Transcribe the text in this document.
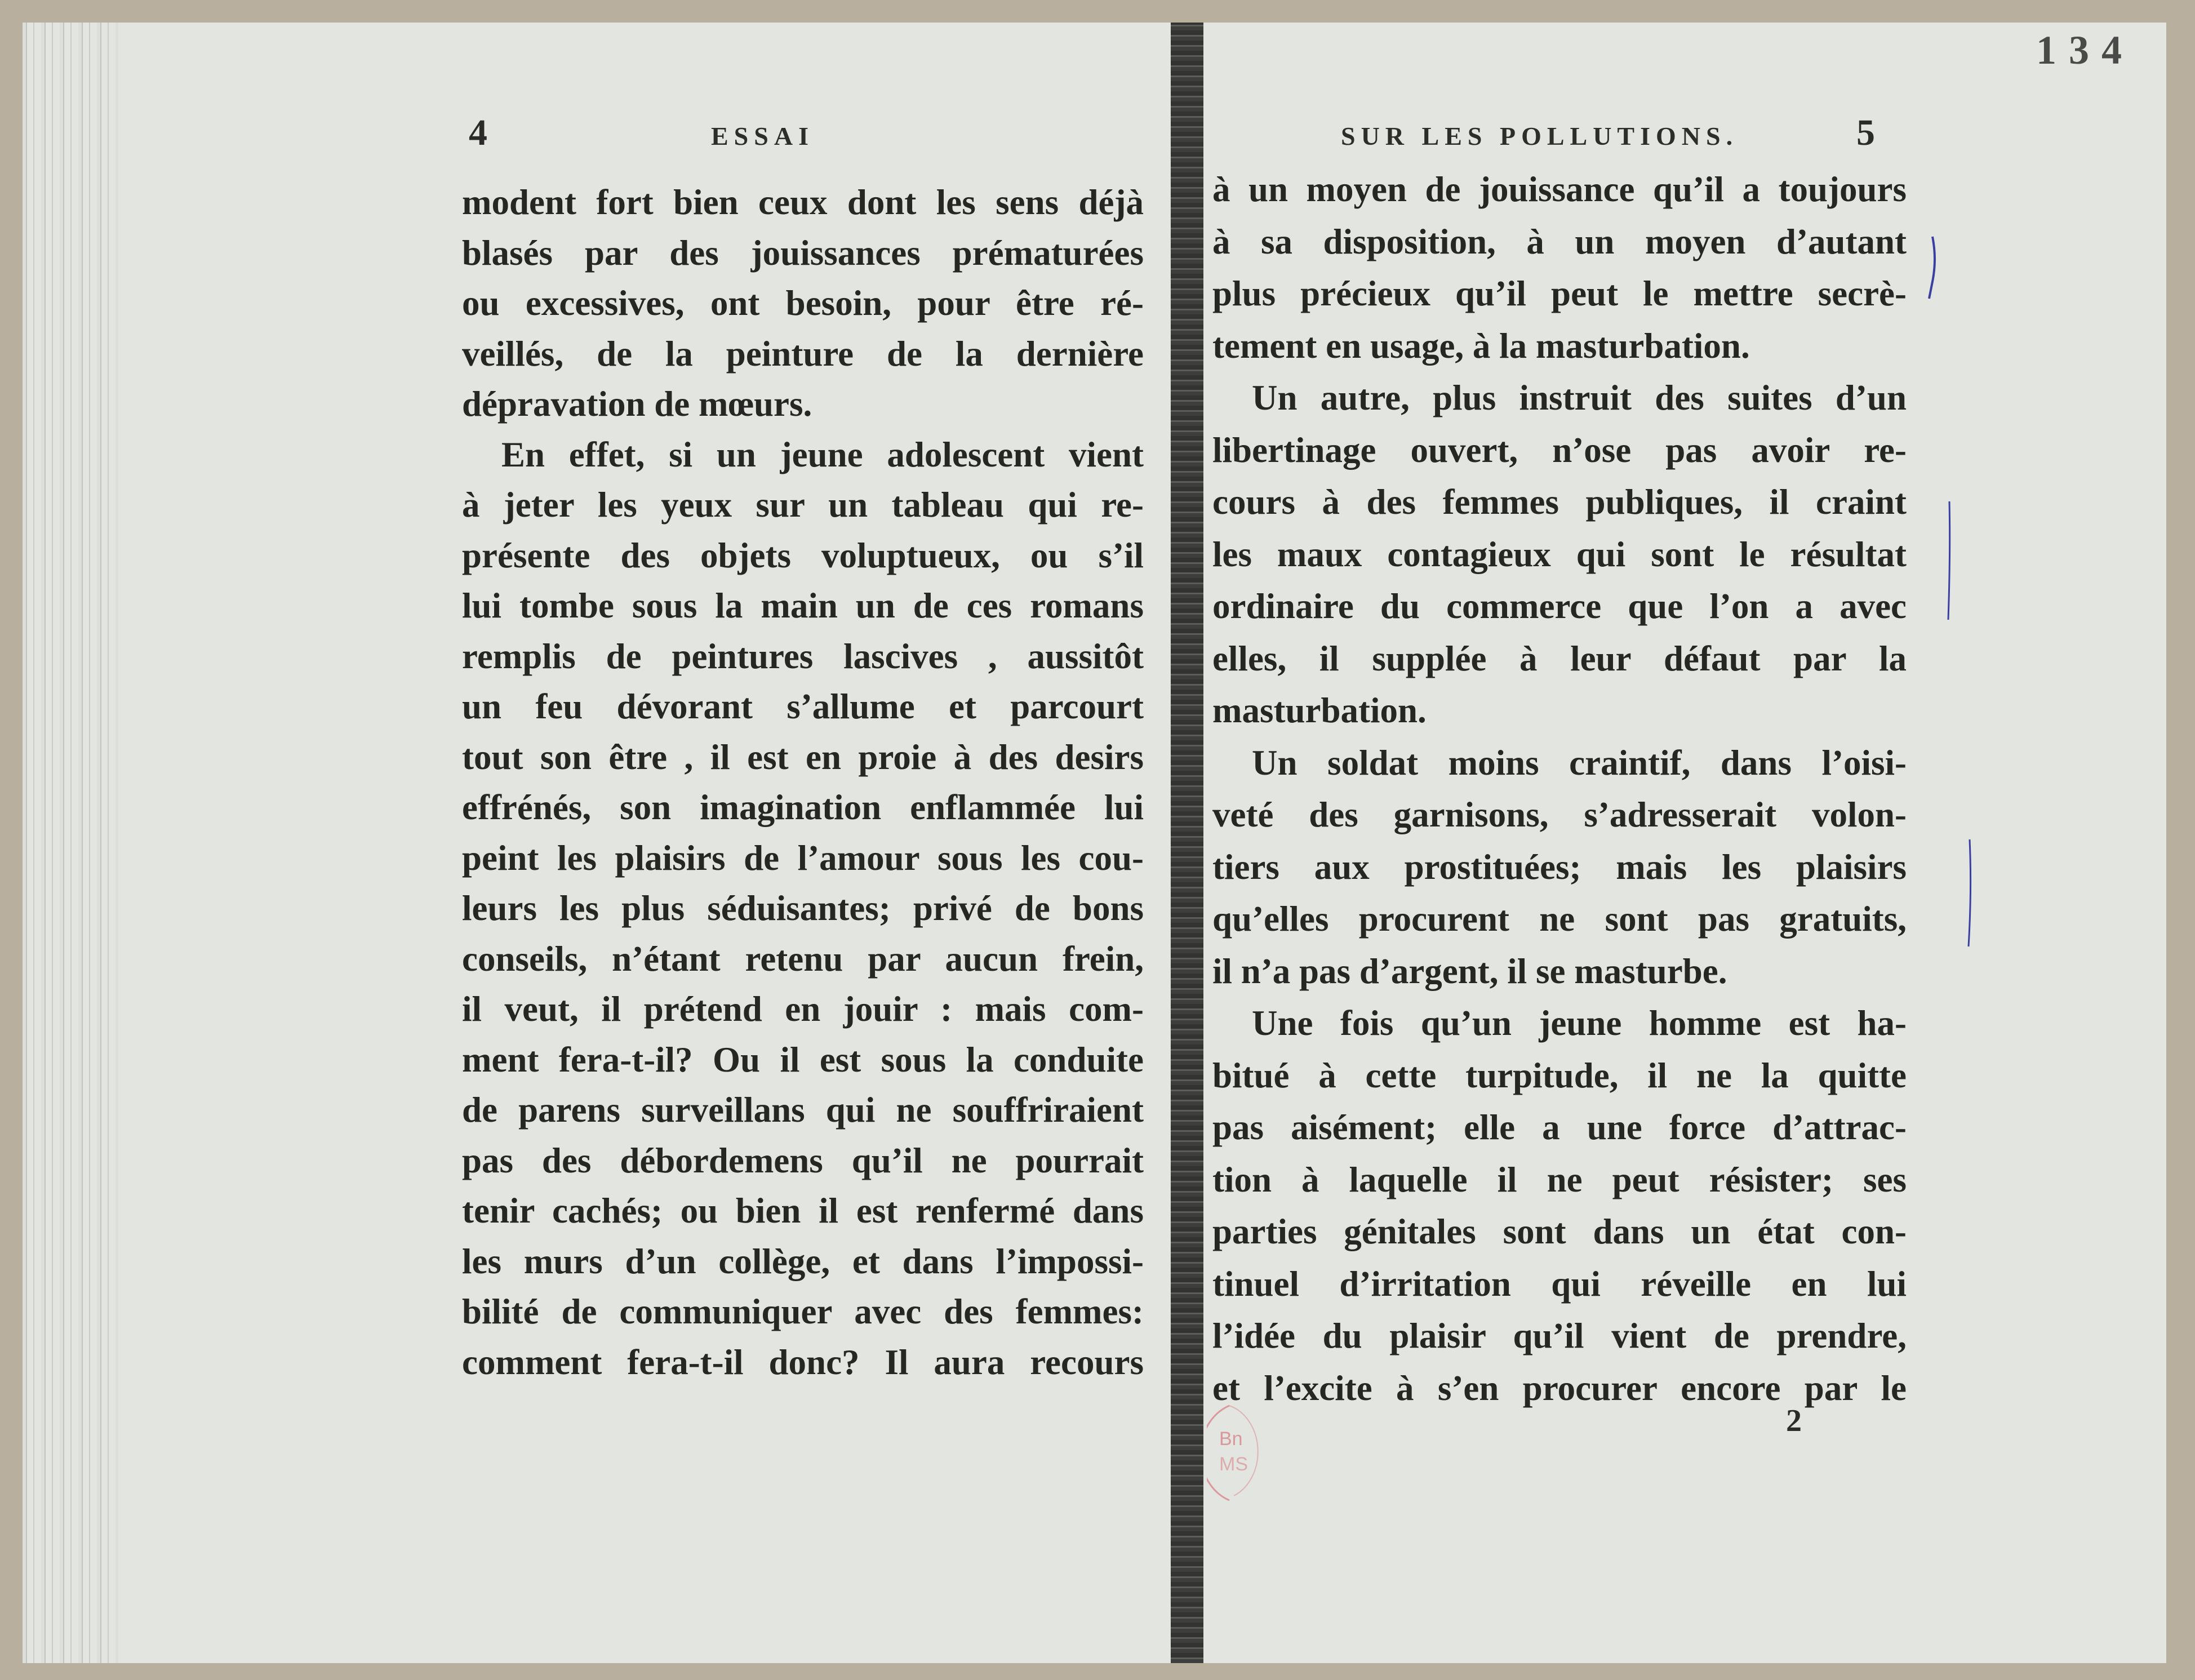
134
4	ESSAI	SUR LES POLLUTIONS.	5
modent fort bien ceux dont les sens déjà
blasés par des jouissances prématurées
ou excessives, ont besoin, pour être ré-
veillés, de la peinture de la dernière
dépravation de mœurs.
En effet, si un jeune adolescent vient
à jeter les yeux sur un tableau qui re-
présente des objets voluptueux, ou s’il
lui tombe sous la main un de ces romans
remplis de peintures lascives , aussitôt
un feu dévorant s’allume et parcourt
tout son être , il est en proie à des desirs
effrénés, son imagination enflammée lui
peint les plaisirs de l’amour sous les cou-
leurs les plus séduisantes; privé de bons
conseils, n’étant retenu par aucun frein,
il veut, il prétend en jouir : mais com-
ment fera-t-il? Ou il est sous la conduite
de parens surveillans qui ne souffriraient
pas des débordemens qu’il ne pourrait
tenir cachés; ou bien il est renfermé dans
les murs d’un collège, et dans l’impossi-
bilité de communiquer avec des femmes:
comment fera-t-il donc? Il aura recours
à un moyen de jouissance qu’il a toujours
à sa disposition, à un moyen d’autant
plus précieux qu’il peut le mettre secrè-
tement en usage, à la masturbation.
Un autre, plus instruit des suites d’un
libertinage ouvert, n’ose pas avoir re-
cours à des femmes publiques, il craint
les maux contagieux qui sont le résultat
ordinaire du commerce que l’on a avec
elles, il supplée à leur défaut par la
masturbation.
Un soldat moins craintif, dans l’oisi-
veté des garnisons, s’adresserait volon-
tiers aux prostituées; mais les plaisirs
qu’elles procurent ne sont pas gratuits,
il n’a pas d’argent, il se masturbe.
Une fois qu’un jeune homme est ha-
bitué à cette turpitude, il ne la quitte
pas aisément; elle a une force d’attrac-
tion à laquelle il ne peut résister; ses
parties génitales sont dans un état con-
tinuel d’irritation qui réveille en lui
l’idée du plaisir qu’il vient de prendre,
et l’excite à s’en procurer encore par le
2
Bn
MS
